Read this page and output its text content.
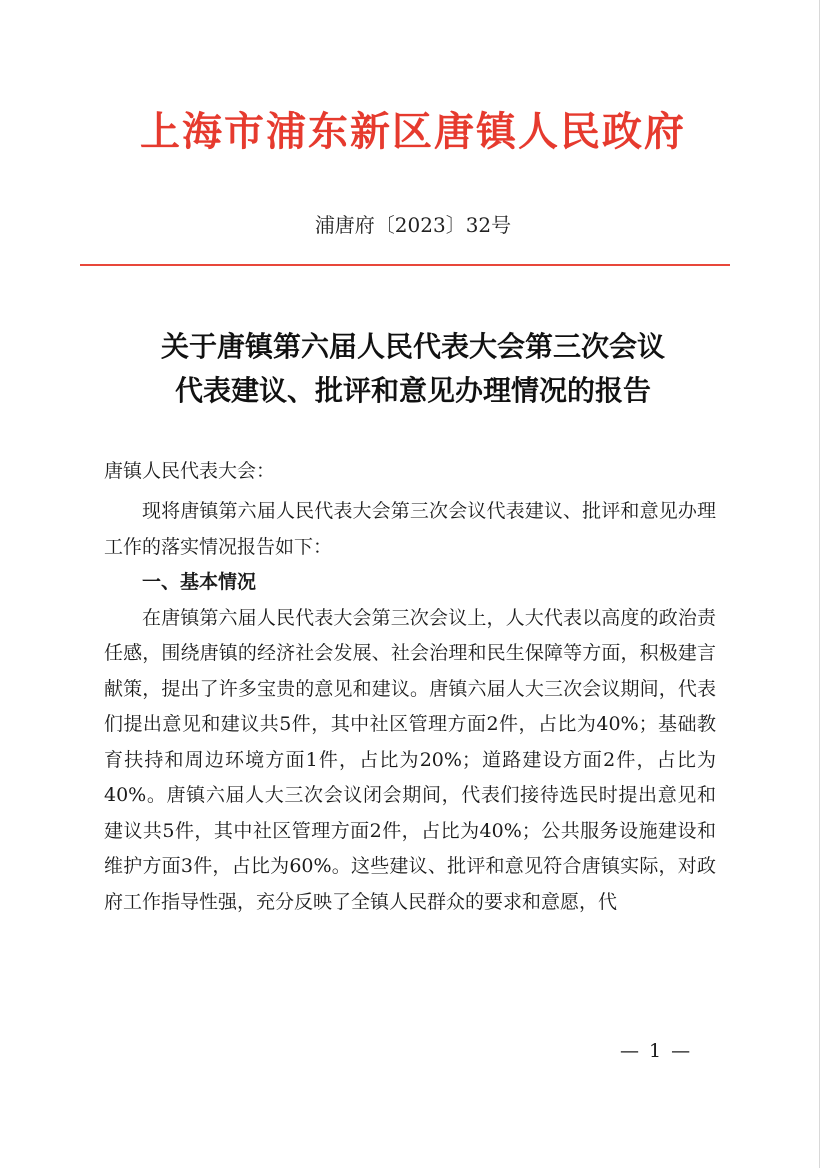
上海市浦东新区唐镇人民政府
浦唐府〔2023〕32号
关于唐镇第六届人民代表大会第三次会议
代表建议、批评和意见办理情况的报告
唐镇人民代表大会：

现将唐镇第六届人民代表大会第三次会议代表建议、批评和意见办理工作的落实情况报告如下：

一、基本情况

在唐镇第六届人民代表大会第三次会议上，人大代表以高度的政治责任感，围绕唐镇的经济社会发展、社会治理和民生保障等方面，积极建言献策，提出了许多宝贵的意见和建议。唐镇六届人大三次会议期间，代表们提出意见和建议共5件，其中社区管理方面2件，占比为40%；基础教育扶持和周边环境方面1件，占比为20%；道路建设方面2件，占比为40%。唐镇六届人大三次会议闭会期间，代表们接待选民时提出意见和建议共5件，其中社区管理方面2件，占比为40%；公共服务设施建设和维护方面3件，占比为60%。这些建议、批评和意见符合唐镇实际，对政府工作指导性强，充分反映了全镇人民群众的要求和意愿，代

— 1 —
